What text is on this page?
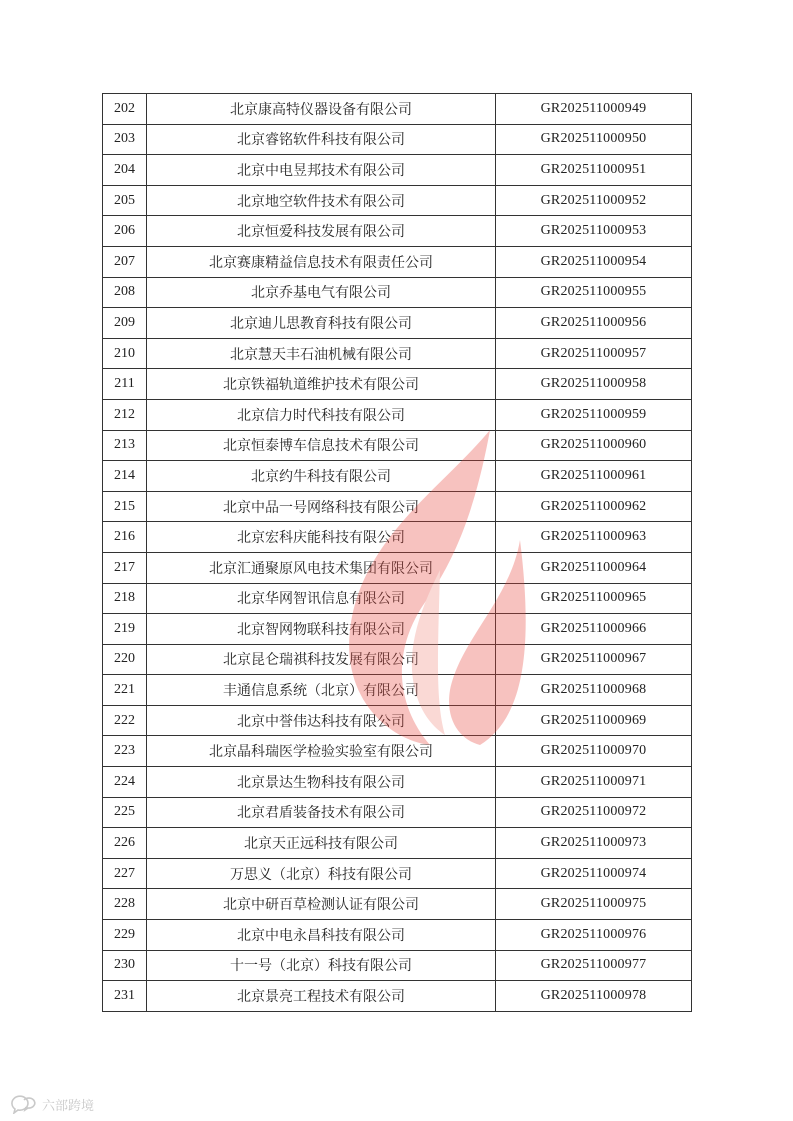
202	北京康高特仪器设备有限公司	GR202511000949
203	北京睿铭软件科技有限公司	GR202511000950
204	北京中电昱邦技术有限公司	GR202511000951
205	北京地空软件技术有限公司	GR202511000952
206	北京恒爱科技发展有限公司	GR202511000953
207	北京赛康精益信息技术有限责任公司	GR202511000954
208	北京乔基电气有限公司	GR202511000955
209	北京迪儿思教育科技有限公司	GR202511000956
210	北京慧天丰石油机械有限公司	GR202511000957
211	北京铁福轨道维护技术有限公司	GR202511000958
212	北京信力时代科技有限公司	GR202511000959
213	北京恒泰博车信息技术有限公司	GR202511000960
214	北京约牛科技有限公司	GR202511000961
215	北京中品一号网络科技有限公司	GR202511000962
216	北京宏科庆能科技有限公司	GR202511000963
217	北京汇通聚原风电技术集团有限公司	GR202511000964
218	北京华网智讯信息有限公司	GR202511000965
219	北京智网物联科技有限公司	GR202511000966
220	北京昆仑瑞祺科技发展有限公司	GR202511000967
221	丰通信息系统（北京）有限公司	GR202511000968
222	北京中誉伟达科技有限公司	GR202511000969
223	北京晶科瑞医学检验实验室有限公司	GR202511000970
224	北京景达生物科技有限公司	GR202511000971
225	北京君盾装备技术有限公司	GR202511000972
226	北京天正远科技有限公司	GR202511000973
227	万思义（北京）科技有限公司	GR202511000974
228	北京中研百草检测认证有限公司	GR202511000975
229	北京中电永昌科技有限公司	GR202511000976
230	十一号（北京）科技有限公司	GR202511000977
231	北京景亮工程技术有限公司	GR202511000978
六部跨境
